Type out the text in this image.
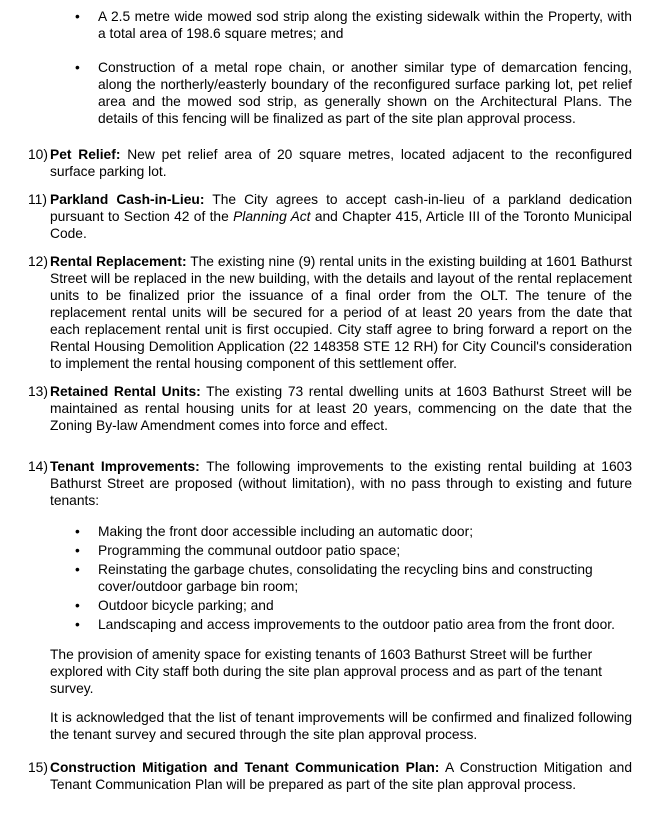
•	A 2.5 metre wide mowed sod strip along the existing sidewalk within the Property, with a total area of 198.6 square metres; and
•	Construction of a metal rope chain, or another similar type of demarcation fencing, along the northerly/easterly boundary of the reconfigured surface parking lot, pet relief area and the mowed sod strip, as generally shown on the Architectural Plans. The details of this fencing will be finalized as part of the site plan approval process.
10) Pet Relief: New pet relief area of 20 square metres, located adjacent to the reconfigured surface parking lot.
11) Parkland Cash-in-Lieu: The City agrees to accept cash-in-lieu of a parkland dedication pursuant to Section 42 of the Planning Act and Chapter 415, Article III of the Toronto Municipal Code.
12) Rental Replacement: The existing nine (9) rental units in the existing building at 1601 Bathurst Street will be replaced in the new building, with the details and layout of the rental replacement units to be finalized prior the issuance of a final order from the OLT. The tenure of the replacement rental units will be secured for a period of at least 20 years from the date that each replacement rental unit is first occupied. City staff agree to bring forward a report on the Rental Housing Demolition Application (22 148358 STE 12 RH) for City Council's consideration to implement the rental housing component of this settlement offer.
13) Retained Rental Units: The existing 73 rental dwelling units at 1603 Bathurst Street will be maintained as rental housing units for at least 20 years, commencing on the date that the Zoning By-law Amendment comes into force and effect.
14) Tenant Improvements: The following improvements to the existing rental building at 1603 Bathurst Street are proposed (without limitation), with no pass through to existing and future tenants:
•	Making the front door accessible including an automatic door;
•	Programming the communal outdoor patio space;
•	Reinstating the garbage chutes, consolidating the recycling bins and constructing cover/outdoor garbage bin room;
•	Outdoor bicycle parking; and
•	Landscaping and access improvements to the outdoor patio area from the front door.

The provision of amenity space for existing tenants of 1603 Bathurst Street will be further explored with City staff both during the site plan approval process and as part of the tenant survey.

It is acknowledged that the list of tenant improvements will be confirmed and finalized following the tenant survey and secured through the site plan approval process.

15) Construction Mitigation and Tenant Communication Plan: A Construction Mitigation and Tenant Communication Plan will be prepared as part of the site plan approval process.
